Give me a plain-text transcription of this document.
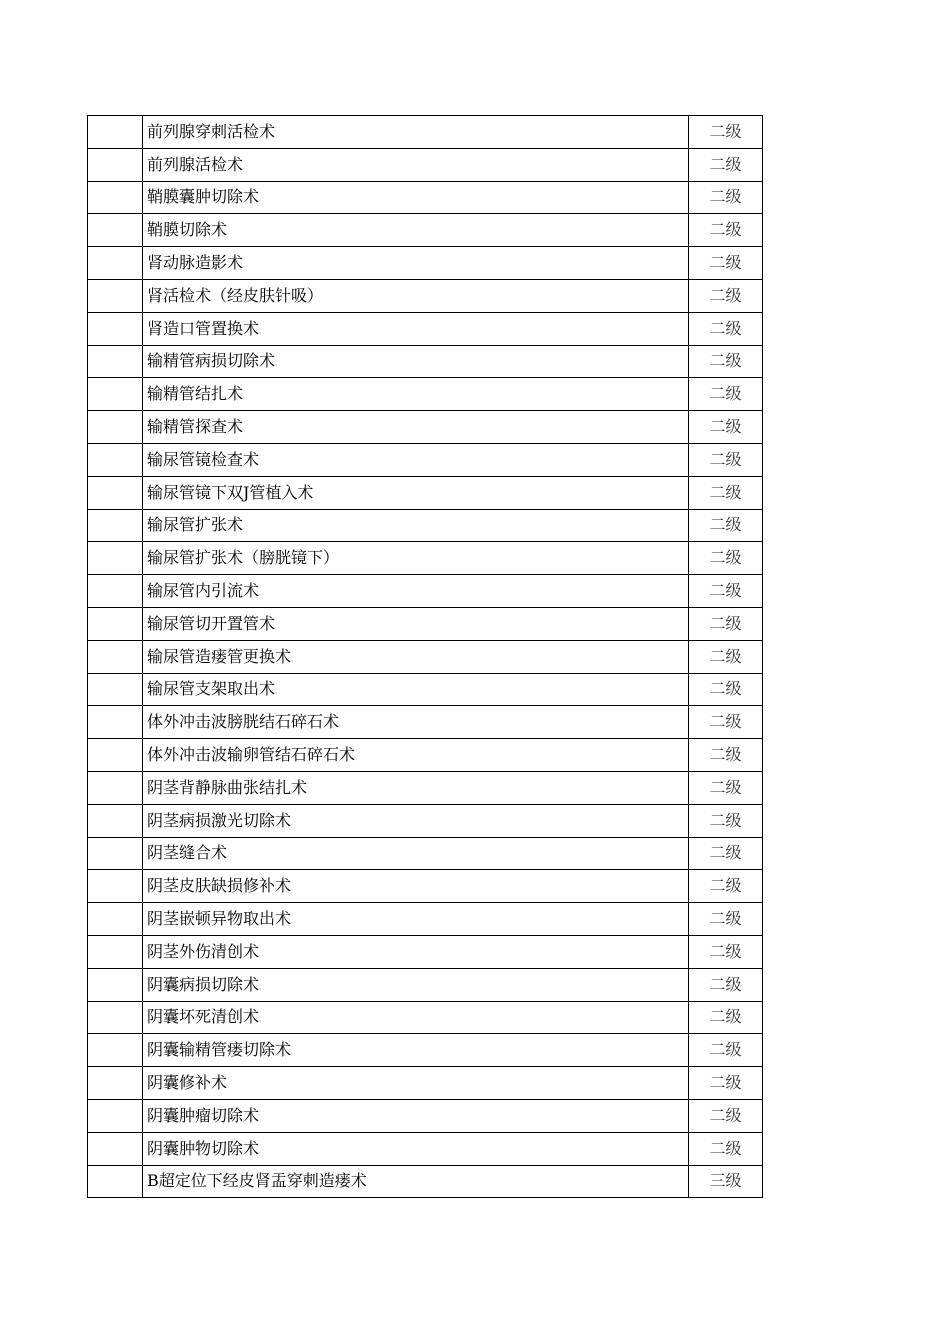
前列腺穿刺活检术	二级
前列腺活检术	二级
鞘膜囊肿切除术	二级
鞘膜切除术	二级
肾动脉造影术	二级
肾活检术（经皮肤针吸）	二级
肾造口管置换术	二级
输精管病损切除术	二级
输精管结扎术	二级
输精管探查术	二级
输尿管镜检查术	二级
输尿管镜下双J管植入术	二级
输尿管扩张术	二级
输尿管扩张术（膀胱镜下）	二级
输尿管内引流术	二级
输尿管切开置管术	二级
输尿管造瘘管更换术	二级
输尿管支架取出术	二级
体外冲击波膀胱结石碎石术	二级
体外冲击波输卵管结石碎石术	二级
阴茎背静脉曲张结扎术	二级
阴茎病损激光切除术	二级
阴茎缝合术	二级
阴茎皮肤缺损修补术	二级
阴茎嵌顿异物取出术	二级
阴茎外伤清创术	二级
阴囊病损切除术	二级
阴囊坏死清创术	二级
阴囊输精管瘘切除术	二级
阴囊修补术	二级
阴囊肿瘤切除术	二级
阴囊肿物切除术	二级
B超定位下经皮肾盂穿刺造瘘术	三级
